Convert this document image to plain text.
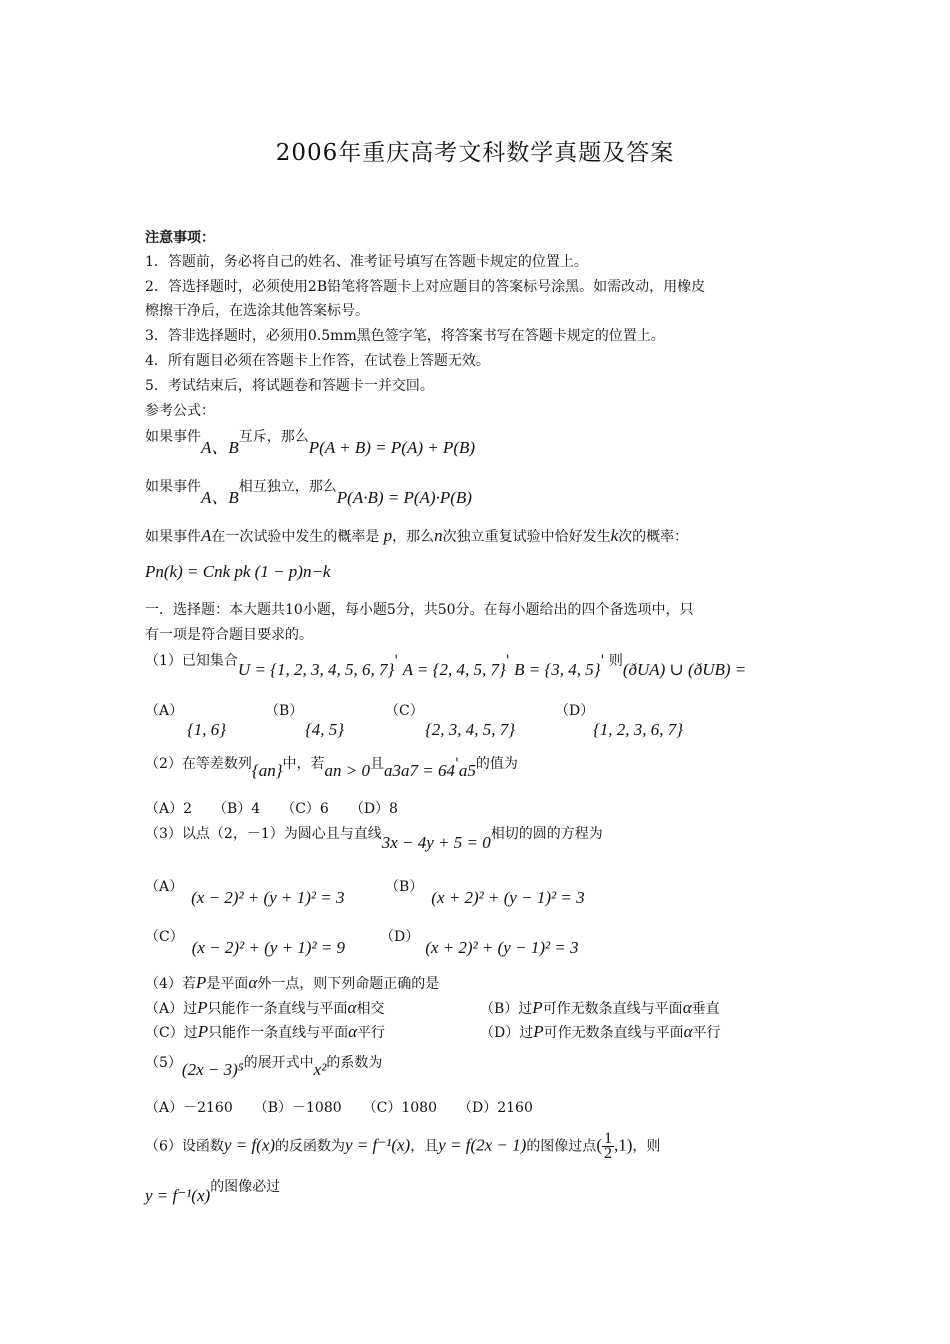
2006年重庆高考文科数学真题及答案
注意事项：
1．答题前，务必将自己的姓名、准考证号填写在答题卡规定的位置上。
2．答选择题时，必须使用2B铅笔将答题卡上对应题目的答案标号涂黑。如需改动，用橡皮
檫擦干净后，在选涂其他答案标号。
3．答非选择题时，必须用0.5mm黑色签字笔，将答案书写在答题卡规定的位置上。
4．所有题目必须在答题卡上作答，在试卷上答题无效。
5．考试结束后，将试题卷和答题卡一并交回。
参考公式：
如果事件A、B互斥，那么P(A + B) = P(A) + P(B)
如果事件A、B相互独立，那么P(A·B) = P(A)·P(B)
如果事件A在一次试验中发生的概率是 p，那么n次独立重复试验中恰好发生k次的概率：
Pn(k) = Cnk pk (1 − p)n−k
一．选择题：本大题共10小题，每小题5分，共50分。在每小题给出的四个备选项中，只
有一项是符合题目要求的。
（1）已知集合U = {1, 2, 3, 4, 5, 6, 7}' A = {2, 4, 5, 7}' B = {3, 4, 5}' 则(ðUA) ∪ (ðUB) =
（A）
{1, 6}
（B）
{4, 5}
（C）
{2, 3, 4, 5, 7}
（D）
{1, 2, 3, 6, 7}
（2）在等差数列{an}中，若an > 0且a3a7 = 64'a5的值为
（A）2　　（B）4　　（C）6　　（D）8
（3）以点（2，－1）为圆心且与直线3x − 4y + 5 = 0相切的圆的方程为
（A）(x − 2)² + (y + 1)² = 3
（B）(x + 2)² + (y − 1)² = 3
（C）(x − 2)² + (y + 1)² = 9
（D）(x + 2)² + (y − 1)² = 3
（4）若P是平面α外一点，则下列命题正确的是
（A）过P只能作一条直线与平面α相交	（B）过P可作无数条直线与平面α垂直
（C）过P只能作一条直线与平面α平行	（D）过P可作无数条直线与平面α平行
（5）(2x − 3)⁵的展开式中x²的系数为
（A）－2160　　（B）－1080　　（C）1080　　（D）2160
（6）设函数y = f(x)的反函数为y = f⁻¹(x)，且y = f(2x − 1)的图像过点( $\frac{1}{2} ,1$)，则
y = f⁻¹(x)的图像必过
